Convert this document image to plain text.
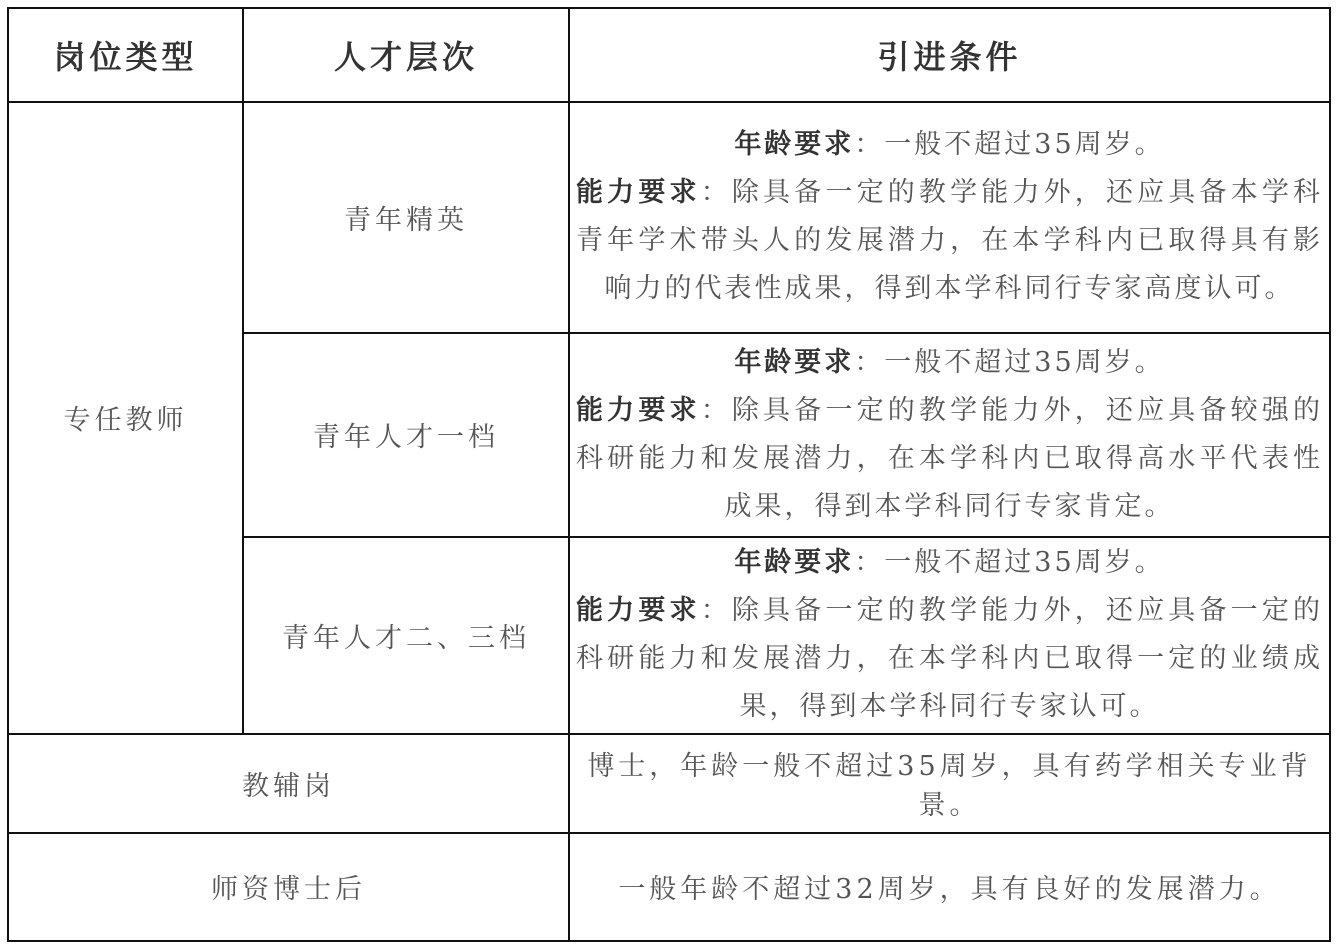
岗位类型	人才层次	引进条件
专任教师	青年精英	年龄要求：一般不超过35周岁。

能力要求：除具备一定的教学能力外，还应具备本学科青年学术带头人的发展潜力，在本学科内已取得具有影响力的代表性成果，得到本学科同行专家高度认可。

	青年人才一档	年龄要求：一般不超过35周岁。

能力要求：除具备一定的教学能力外，还应具备较强的科研能力和发展潜力，在本学科内已取得高水平代表性成果，得到本学科同行专家肯定。

	青年人才二、三档	年龄要求：一般不超过35周岁。

能力要求：除具备一定的教学能力外，还应具备一定的科研能力和发展潜力，在本学科内已取得一定的业绩成果，得到本学科同行专家认可。

教辅岗		博士，年龄一般不超过35周岁，具有药学相关专业背景。
师资博士后		一般年龄不超过32周岁，具有良好的发展潜力。
